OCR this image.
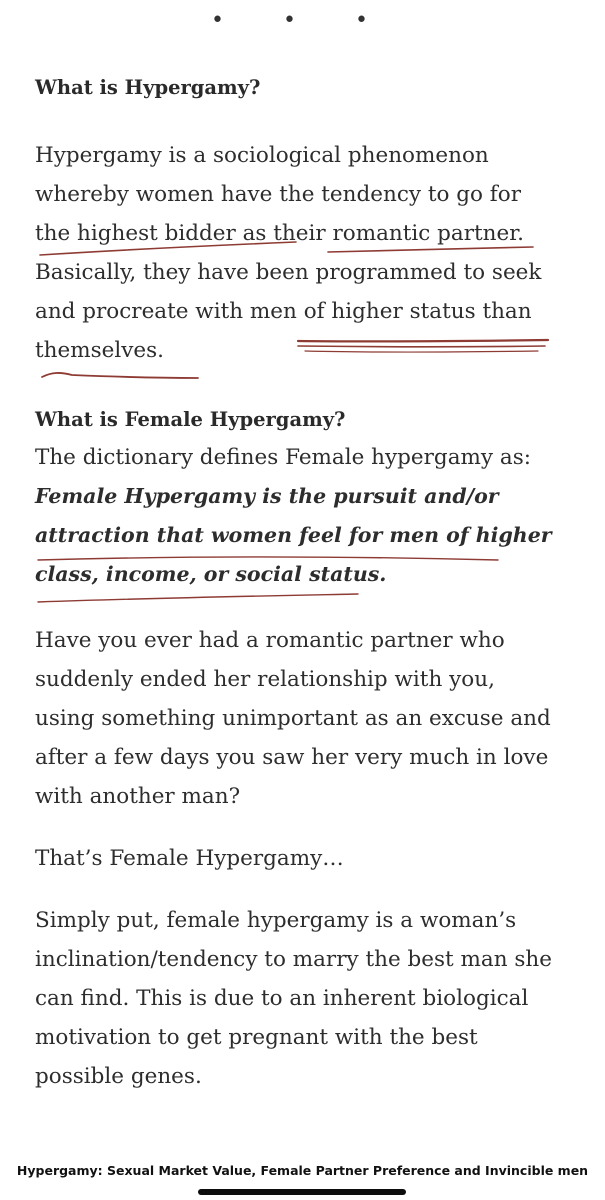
• • •
What is Hypergamy?

Hypergamy is a sociological phenomenon
whereby women have the tendency to go for
the highest bidder as their romantic partner.
Basically, they have been programmed to seek
and procreate with men of higher status than
themselves.

What is Female Hypergamy?

The dictionary defines Female hypergamy as:

Female Hypergamy is the pursuit and/or
attraction that women feel for men of higher
class, income, or social status.

Have you ever had a romantic partner who
suddenly ended her relationship with you,
using something unimportant as an excuse and
after a few days you saw her very much in love
with another man?

That’s Female Hypergamy…

Simply put, female hypergamy is a woman’s
inclination/tendency to marry the best man she
can find. This is due to an inherent biological
motivation to get pregnant with the best
possible genes.

Hypergamy: Sexual Market Value, Female Partner Preference and Invincible men
